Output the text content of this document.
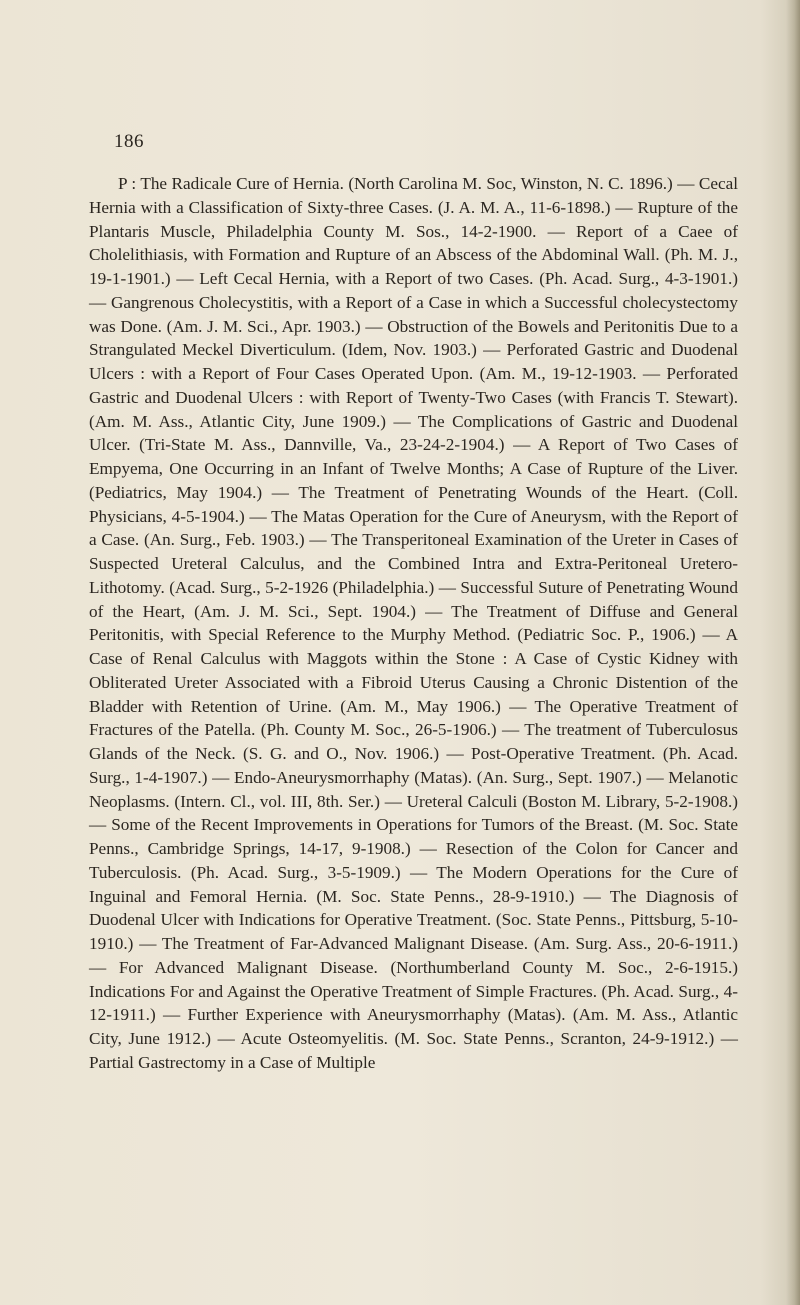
186

P : The Radicale Cure of Hernia. (North Carolina M. Soc, Winston, N. C. 1896.) — Cecal Hernia with a Classification of Sixty-three Cases. (J. A. M. A., 11-6-1898.) — Rupture of the Plantaris Muscle, Philadelphia County M. Sos., 14-2-1900. — Report of a Caee of Cholelithiasis, with Formation and Rupture of an Abscess of the Abdominal Wall. (Ph. M. J., 19-1-1901.) — Left Cecal Hernia, with a Report of two Cases. (Ph. Acad. Surg., 4-3-1901.) — Gangrenous Cholecystitis, with a Report of a Case in which a Successful cholecystectomy was Done. (Am. J. M. Sci., Apr. 1903.) — Obstruction of the Bowels and Peritonitis Due to a Strangulated Meckel Diverticulum. (Idem, Nov. 1903.) — Perforated Gastric and Duodenal Ulcers : with a Report of Four Cases Operated Upon. (Am. M., 19-12-1903. — Perforated Gastric and Duodenal Ulcers : with Report of Twenty-Two Cases (with Francis T. Stewart). (Am. M. Ass., Atlantic City, June 1909.) — The Complications of Gastric and Duodenal Ulcer. (Tri-State M. Ass., Dannville, Va., 23-24-2-1904.) — A Report of Two Cases of Empyema, One Occurring in an Infant of Twelve Months; A Case of Rupture of the Liver. (Pediatrics, May 1904.) — The Treatment of Penetrating Wounds of the Heart. (Coll. Physicians, 4-5-1904.) — The Matas Operation for the Cure of Aneurysm, with the Report of a Case. (An. Surg., Feb. 1903.) — The Transperitoneal Examination of the Ureter in Cases of Suspected Ureteral Calculus, and the Combined Intra and Extra-Peritoneal Uretero-Lithotomy. (Acad. Surg., 5-2-1926 (Philadelphia.) — Successful Suture of Penetrating Wound of the Heart, (Am. J. M. Sci., Sept. 1904.) — The Treatment of Diffuse and General Peritonitis, with Special Reference to the Murphy Method. (Pediatric Soc. P., 1906.) — A Case of Renal Calculus with Maggots within the Stone : A Case of Cystic Kidney with Obliterated Ureter Associated with a Fibroid Uterus Causing a Chronic Distention of the Bladder with Retention of Urine. (Am. M., May 1906.) — The Operative Treatment of Fractures of the Patella. (Ph. County M. Soc., 26-5-1906.) — The treatment of Tuberculosus Glands of the Neck. (S. G. and O., Nov. 1906.) — Post-Operative Treatment. (Ph. Acad. Surg., 1-4-1907.) — Endo-Aneurysmorrhaphy (Matas). (An. Surg., Sept. 1907.) — Melanotic Neoplasms. (Intern. Cl., vol. III, 8th. Ser.) — Ureteral Calculi (Boston M. Library, 5-2-1908.) — Some of the Recent Improvements in Operations for Tumors of the Breast. (M. Soc. State Penns., Cambridge Springs, 14-17, 9-1908.) — Resection of the Colon for Cancer and Tuberculosis. (Ph. Acad. Surg., 3-5-1909.) — The Modern Operations for the Cure of Inguinal and Femoral Hernia. (M. Soc. State Penns., 28-9-1910.) — The Diagnosis of Duodenal Ulcer with Indications for Operative Treatment. (Soc. State Penns., Pittsburg, 5-10-1910.) — The Treatment of Far-Advanced Malignant Disease. (Am. Surg. Ass., 20-6-1911.) — For Advanced Malignant Disease. (Northumberland County M. Soc., 2-6-1915.) Indications For and Against the Operative Treatment of Simple Fractures. (Ph. Acad. Surg., 4-12-1911.) — Further Experience with Aneurysmorrhaphy (Matas). (Am. M. Ass., Atlantic City, June 1912.) — Acute Osteomyelitis. (M. Soc. State Penns., Scranton, 24-9-1912.) — Partial Gastrectomy in a Case of Multiple
